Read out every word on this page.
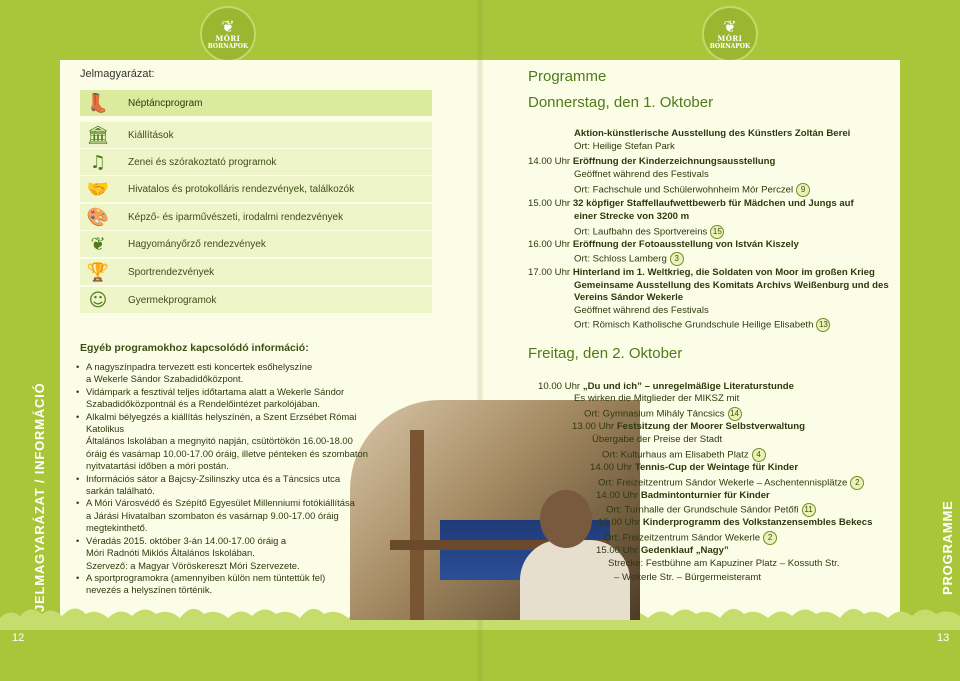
❦
MÓRI
BORNAPOK
❦
MÓRI
BORNAPOK
Jelmagyarázat:
👢	Néptáncprogram
🏛	Kiállítások
♫	Zenei és szórakoztató programok
🤝	Hivatalos és protokolláris rendezvények, találkozók
🎨	Képző- és iparművészeti, irodalmi rendezvények
❦	Hagyományőrző rendezvények
🏆	Sportrendezvények
☺	Gyermekprogramok
Egyéb programokhoz kapcsolódó információ:
• A nagyszínpadra tervezett esti koncertek esőhelyszíne
a Wekerle Sándor Szabadidőközpont.
• Vidámpark a fesztivál teljes időtartama alatt a Wekerle Sándor
Szabadidőközpontnál és a Rendelőintézet parkolójában.
• Alkalmi bélyegzés a kiállítás helyszínén, a Szent Erzsébet Római Katolikus
Általános Iskolában a megnyitó napján, csütörtökön 16.00-18.00
óráig és vasárnap 10.00-17.00 óráig, illetve pénteken és szombaton
nyitvatartási időben a móri postán.
• Információs sátor a Bajcsy-Zsilinszky utca és a Táncsics utca
sarkán található.
• A Móri Városvédő és Szépítő Egyesület Millenniumi fotókiállítása
a Járási Hivatalban szombaton és vasárnap 9.00-17.00 óráig
megtekinthető.
• Véradás 2015. október 3-án 14.00-17.00 óráig a
Móri Radnóti Miklós Általános Iskolában.
Szervező: a Magyar Vöröskereszt Móri Szervezete.
• A sportprogramokra (amennyiben külön nem tüntettük fel)
nevezés a helyszínen történik.
JELMAGYARÁZAT / INFORMÁCIÓ
12
PROGRAMME
13
Programme
Donnerstag, den 1. Oktober
Freitag, den 2. Oktober
Aktion-künstlerische Ausstellung des Künstlers Zoltán Berei
Ort: Heilige Stefan Park
14.00 Uhr Eröffnung der Kinderzeichnungsausstellung
Geöffnet während des Festivals
Ort: Fachschule und Schülerwohnheim Mór Perczel 9
15.00 Uhr 32 köpfiger Staffellaufwettbewerb für Mädchen und Jungs auf
einer Strecke von 3200 m
Ort: Laufbahn des Sportvereins 15
16.00 Uhr Eröffnung der Fotoausstellung von István Kiszely
Ort: Schloss Lamberg 3
17.00 Uhr Hinterland im 1. Weltkrieg, die Soldaten von Moor im großen Krieg
Gemeinsame Ausstellung des Komitats Archivs Weißenburg und des
Vereins Sándor Wekerle
Geöffnet während des Festivals
Ort: Römisch Katholische Grundschule Heilige Elisabeth 13
10.00 Uhr „Du und ich” – unregelmäßige Literaturstunde
Es wirken die Mitglieder der MIKSZ mit
Ort: Gymnasium Mihály Táncsics 14
13.00 Uhr Festsitzung der Moorer Selbstverwaltung
Übergabe der Preise der Stadt
Ort: Kulturhaus am Elisabeth Platz 4
14.00 Uhr Tennis-Cup der Weintage für Kinder
Ort: Freizeitzentrum Sándor Wekerle – Aschentennisplätze 2
14.00 Uhr Badmintonturnier für Kinder
Ort: Turnhalle der Grundschule Sándor Petőfi 11
15.00 Uhr Kinderprogramm des Volkstanzensembles Bekecs
Ort: Freizeitzentrum Sándor Wekerle 2
15.00 Uhr Gedenklauf „Nagy”
Strecke: Festbühne am Kapuziner Platz – Kossuth Str.
– Wekerle Str. – Bürgermeisteramt
